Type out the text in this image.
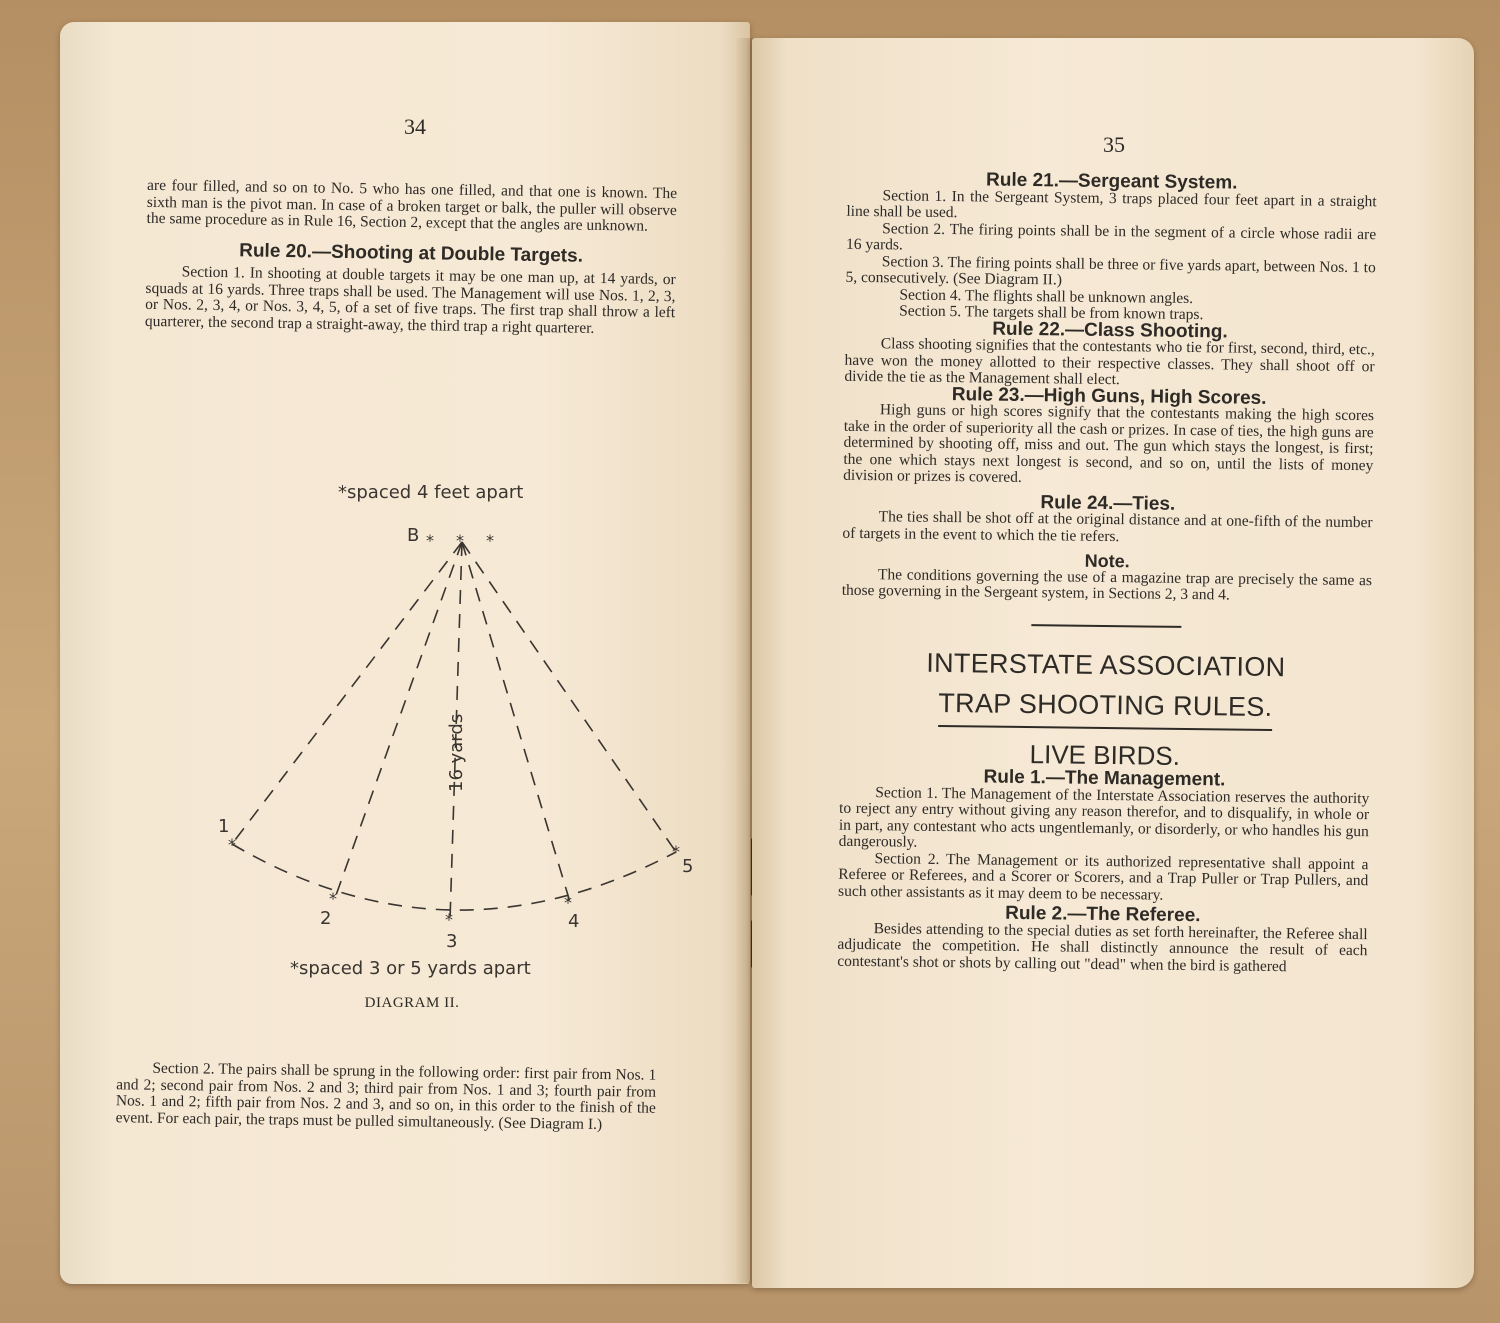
34

are four filled, and so on to No. 5 who has one filled, and that one is known. The sixth man is the pivot man. In case of a broken target or balk, the puller will observe the same procedure as in Rule 16, Section 2, except that the angles are unknown.

Rule 20.—Shooting at Double Targets.

Section 1. In shooting at double targets it may be one man up, at 14 yards, or squads at 16 yards. Three traps shall be used. The Management will use Nos. 1, 2, 3, or Nos. 2, 3, 4, or Nos. 3, 4, 5, of a set of five traps. The first trap shall throw a left quarterer, the second trap a straight-away, the third trap a right quarterer.

*spaced 4 feet apart
B * * *
*
*
*
*
*
1
2
3
4
5
16 yards
*spaced 3 or 5 yards apart
DIAGRAM II.

Section 2. The pairs shall be sprung in the following order: first pair from Nos. 1 and 2; second pair from Nos. 2 and 3; third pair from Nos. 1 and 3; fourth pair from Nos. 1 and 2; fifth pair from Nos. 2 and 3, and so on, in this order to the finish of the event. For each pair, the traps must be pulled simultaneously. (See Diagram I.)

35

Rule 21.—Sergeant System.

Section 1. In the Sergeant System, 3 traps placed four feet apart in a straight line shall be used.

Section 2. The firing points shall be in the segment of a circle whose radii are 16 yards.

Section 3. The firing points shall be three or five yards apart, between Nos. 1 to 5, consecutively. (See Diagram II.)

Section 4. The flights shall be unknown angles.

Section 5. The targets shall be from known traps.

Rule 22.—Class Shooting.

Class shooting signifies that the contestants who tie for first, second, third, etc., have won the money allotted to their respective classes. They shall shoot off or divide the tie as the Management shall elect.

Rule 23.—High Guns, High Scores.

High guns or high scores signify that the contestants making the high scores take in the order of superiority all the cash or prizes. In case of ties, the high guns are determined by shooting off, miss and out. The gun which stays the longest, is first; the one which stays next longest is second, and so on, until the lists of money division or prizes is covered.

Rule 24.—Ties.

The ties shall be shot off at the original distance and at one-fifth of the number of targets in the event to which the tie refers.

Note.

The conditions governing the use of a magazine trap are precisely the same as those governing in the Sergeant system, in Sections 2, 3 and 4.

INTERSTATE ASSOCIATION
TRAP SHOOTING RULES.
LIVE BIRDS.

Rule 1.—The Management.

Section 1. The Management of the Interstate Association reserves the authority to reject any entry without giving any reason therefor, and to disqualify, in whole or in part, any contestant who acts ungentlemanly, or disorderly, or who handles his gun dangerously.

Section 2. The Management or its authorized representative shall appoint a Referee or Referees, and a Scorer or Scorers, and a Trap Puller or Trap Pullers, and such other assistants as it may deem to be necessary.

Rule 2.—The Referee.

Besides attending to the special duties as set forth hereinafter, the Referee shall adjudicate the competition. He shall distinctly announce the result of each contestant's shot or shots by calling out "dead" when the bird is gathered
